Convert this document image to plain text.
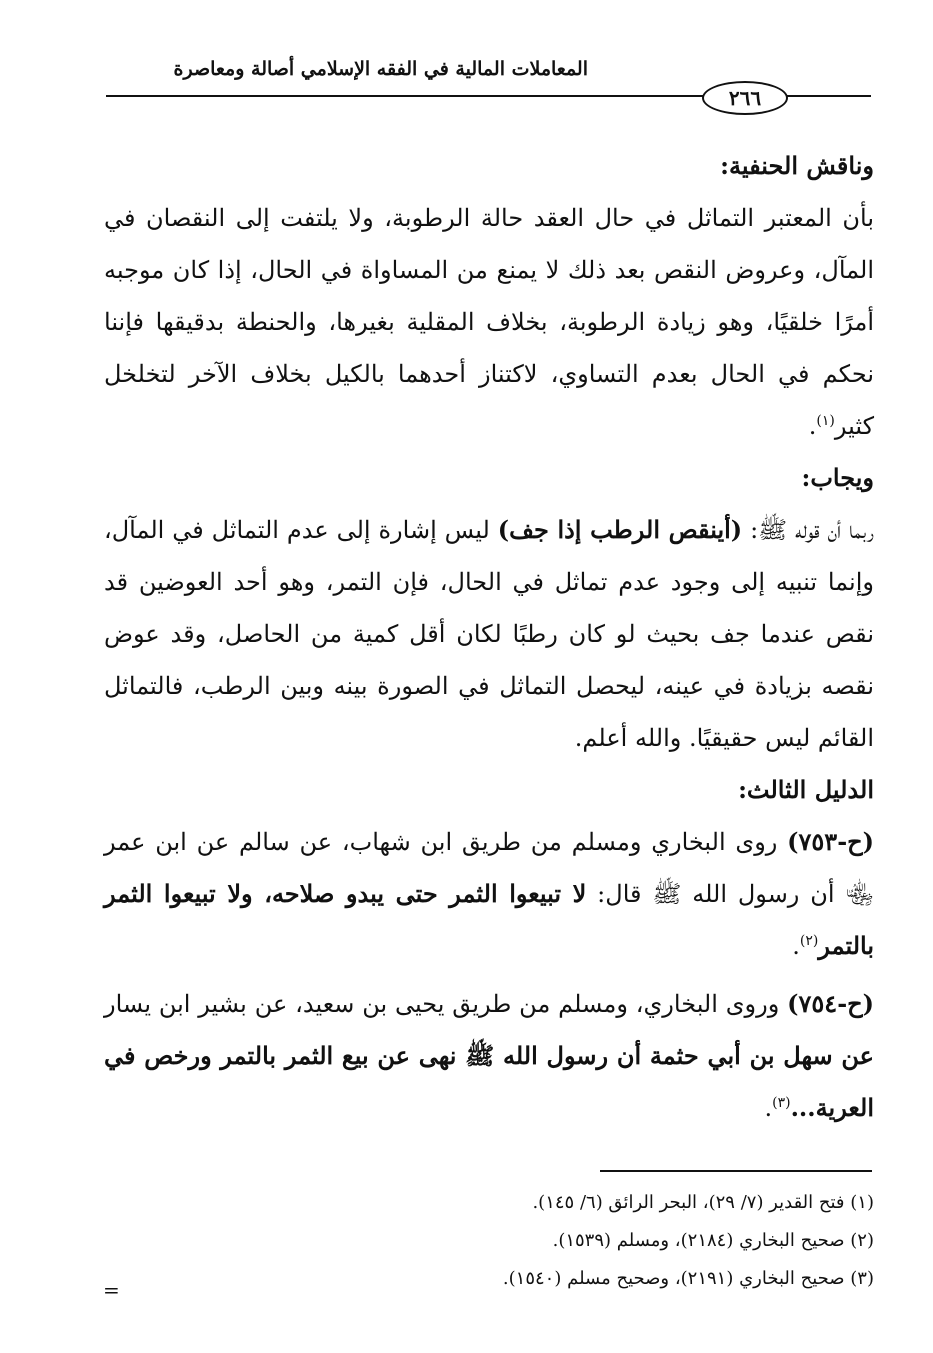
المعاملات المالية في الفقه الإسلامي أصالة ومعاصرة
٢٦٦

وناقش الحنفية:

بأن المعتبر التماثل في حال العقد حالة الرطوبة، ولا يلتفت إلى النقصان في المآل، وعروض النقص بعد ذلك لا يمنع من المساواة في الحال، إذا كان موجبه أمرًا خلقيًا، وهو زيادة الرطوبة، بخلاف المقلية بغيرها، والحنطة بدقيقها فإننا نحكم في الحال بعدم التساوي، لاكتناز أحدهما بالكيل بخلاف الآخر لتخلخل كثير$^{(١)}$.

ويجاب:

ربما أن قوله ﷺ: (أينقص الرطب إذا جف) ليس إشارة إلى عدم التماثل في المآل، وإنما تنبيه إلى وجود عدم تماثل في الحال، فإن التمر، وهو أحد العوضين قد نقص عندما جف بحيث لو كان رطبًا لكان أقل كمية من الحاصل، وقد عوض نقصه بزيادة في عينه، ليحصل التماثل في الصورة بينه وبين الرطب، فالتماثل القائم ليس حقيقيًا. والله أعلم.

الدليل الثالث:

(ح-٧٥٣) روى البخاري ومسلم من طريق ابن شهاب، عن سالم عن ابن عمر ﵄ أن رسول الله ﷺ قال: لا تبيعوا الثمر حتى يبدو صلاحه، ولا تبيعوا الثمر بالتمر$^{(٢)}$.

(ح-٧٥٤) وروى البخاري، ومسلم من طريق يحيى بن سعيد، عن بشير ابن يسار عن سهل بن أبي حثمة أن رسول الله ﷺ نهى عن بيع الثمر بالتمر ورخص في العرية...$^{(٣)}$.

(١) فتح القدير (٧/ ٢٩)، البحر الرائق (٦/ ١٤٥).

(٢) صحيح البخاري (٢١٨٤)، ومسلم (١٥٣٩).

(٣) صحيح البخاري (٢١٩١)، وصحيح مسلم (١٥٤٠).

=
